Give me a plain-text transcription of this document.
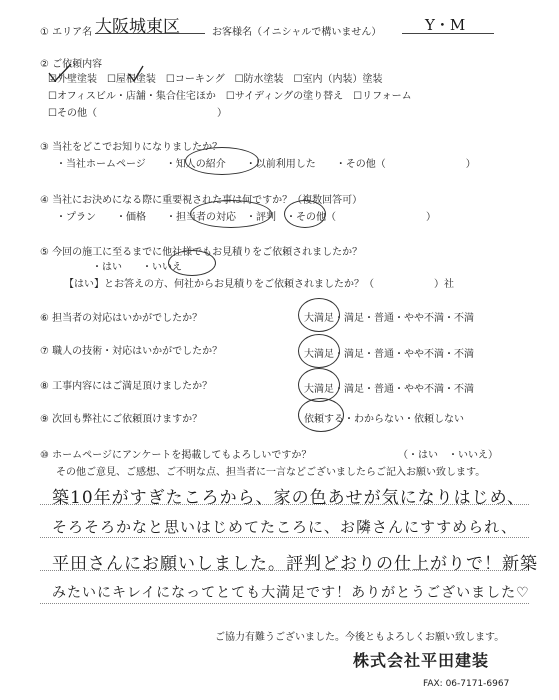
① エリア名 大阪城東区	お客様名（イニシャルで構いません）	Y・M
② ご依頼内容
☑外壁塗装　☐屋根塗装　☐コーキング　☐防水塗装　☐室内（内装）塗装
☐オフィスビル・店舗・集合住宅ほか　☐サイディングの塗り替え　☐リフォーム
☐その他（　　　　　　　　　　　　）
③ 当社をどこでお知りになりましたか？
・当社ホームページ　　・知人の紹介　　・以前利用した　　・その他（　　　　　　　　）
④ 当社にお決めになる際に重要視された事は何ですか？（複数回答可）
・プラン　　・価格　　・担当者の対応　・評判　・その他（　　　　　　　　　）
⑤ 今回の施工に至るまでに他社様でもお見積りをご依頼されましたか？
・はい　　・いいえ
【はい】とお答えの方、何社からお見積りをご依頼されましたか？（　　　　　　）社
⑥ 担当者の対応はいかがでしたか？	大満足・満足・普通・やや不満・不満
⑦ 職人の技術・対応はいかがでしたか？	大満足・満足・普通・やや不満・不満
⑧ 工事内容にはご満足頂けましたか？	大満足・満足・普通・やや不満・不満
⑨ 次回も弊社にご依頼頂けますか？	依頼する・わからない・依頼しない
⑩ ホームページにアンケートを掲載してもよろしいですか？	（・はい　・いいえ）
その他ご意見、ご感想、ご不明な点、担当者に一言などございましたらご記入お願い致します。
築10年がすぎたころから、家の色あせが気になりはじめ、
そろそろかなと思いはじめてたころに、お隣さんにすすめられ、
平田さんにお願いしました。評判どおりの仕上がりで！新築
みたいにキレイになってとても大満足です！ありがとうございました♡
ご協力有難うございました。今後ともよろしくお願い致します。
株式会社平田建装
FAX: 06-7171-6967
